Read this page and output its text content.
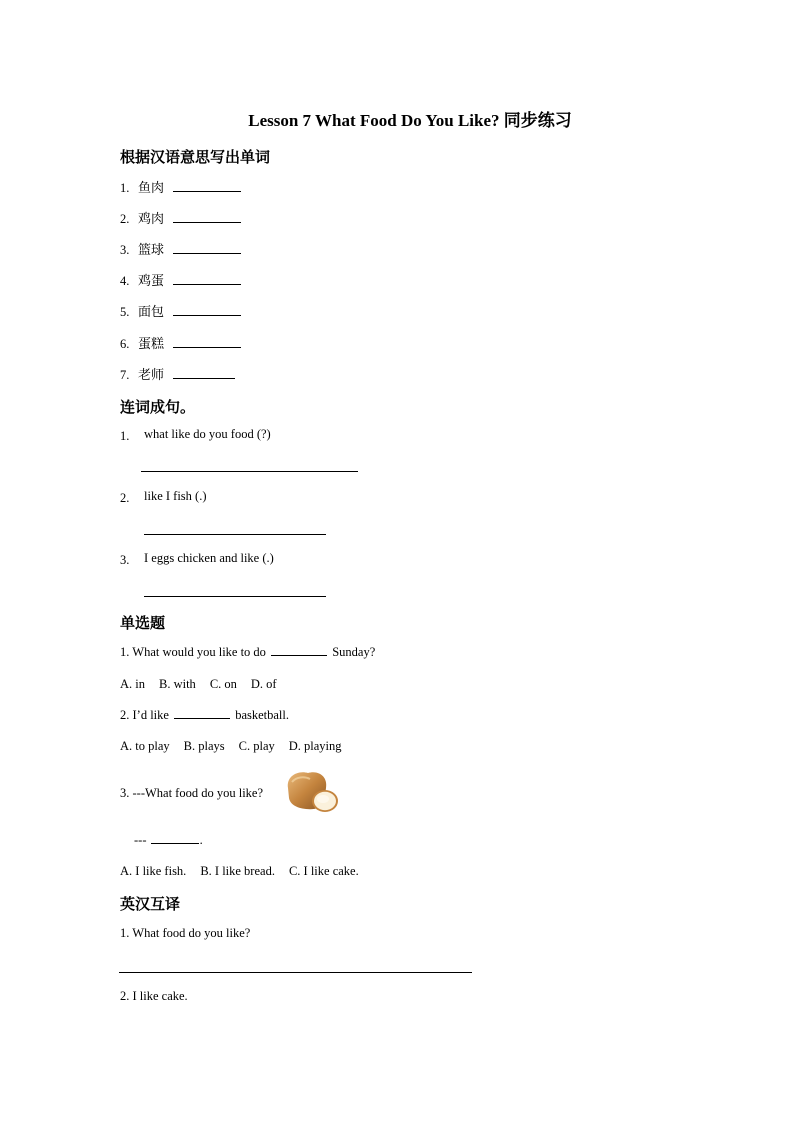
Lesson 7 What Food Do You Like? 同步练习
根据汉语意思写出单词
1. 鱼肉
2. 鸡肉
3. 篮球
4. 鸡蛋
5. 面包
6. 蛋糕
7. 老师
连词成句。
1. what like do you food (?)
2. like I fish (.)
3. I eggs chicken and like (.)
单选题
1. What would you like to do	Sunday?
A. in B. with C. on D. of
2. I’d like	basketball.
A. to play B. plays C. play D. playing
3. ---What food do you like?
---	.
A. I like fish. B. I like bread. C. I like cake.
英汉互译
1. What food do you like?
2. I like cake.
